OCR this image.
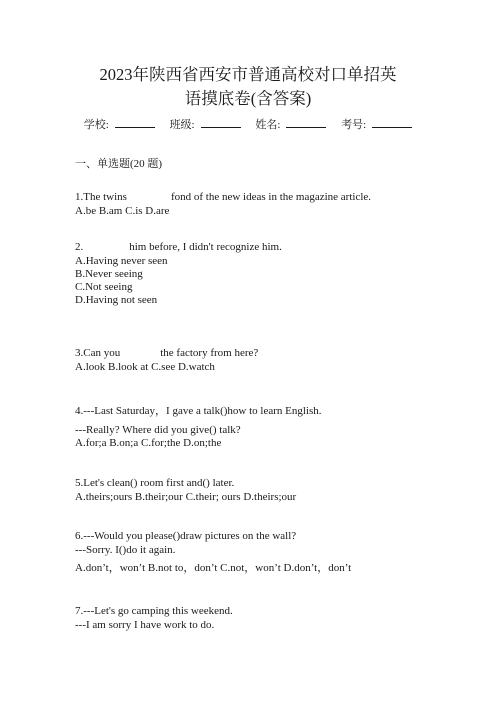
2023年陕西省西安市普通高校对口单招英
语摸底卷(含答案)
学校:	班级:	姓名:	考号:
一、单选题(20 题)
1.The twins	fond of the new ideas in the magazine article.
A.be B.am C.is D.are
2.	him before, I didn't recognize him.
A.Having never seen
B.Never seeing
C.Not seeing
D.Having not seen
3.Can you	the factory from here?
A.look B.look at C.see D.watch
4.---Last Saturday，I gave a talk()how to learn English.
---Really? Where did you give() talk?
A.for;a B.on;a C.for;the D.on;the
5.Let's clean() room first and() later.
A.theirs;ours B.their;our C.their; ours D.theirs;our
6.---Would you please()draw pictures on the wall?
---Sorry. I()do it again.
A.don’t，won’t B.not to，don’t C.not，won’t D.don’t，don’t
7.---Let's go camping this weekend.
---I am sorry I have work to do.
